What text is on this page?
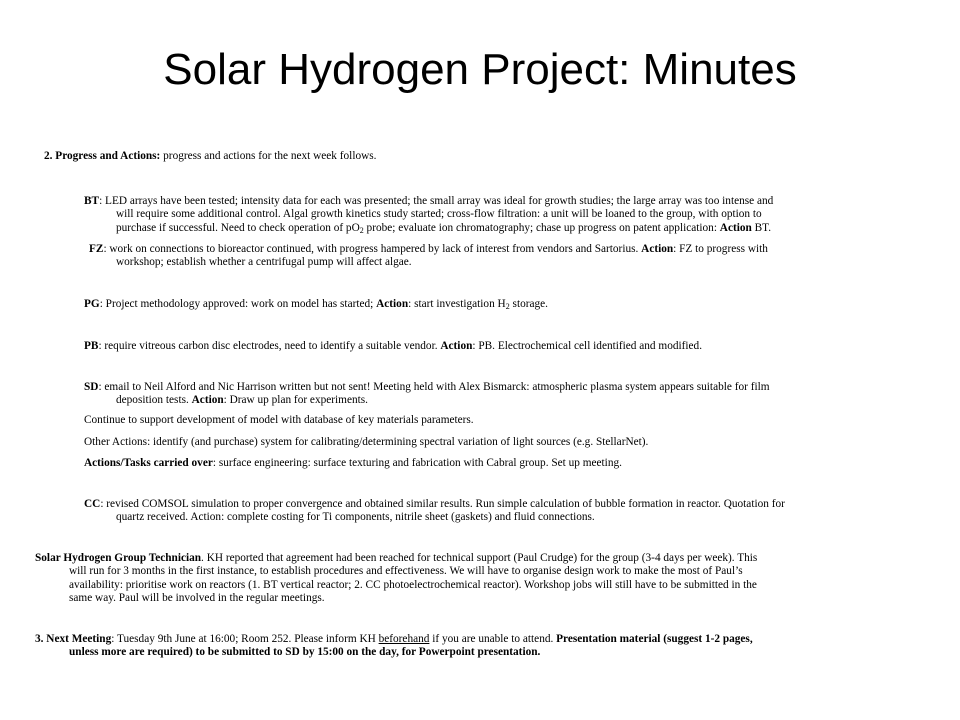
Solar Hydrogen Project: Minutes

2. Progress and Actions: progress and actions for the next week follows.

BT: LED arrays have been tested; intensity data for each was presented; the small array was ideal for growth studies; the large array was too intense and
will require some additional control. Algal growth kinetics study started; cross-flow filtration: a unit will be loaned to the group, with option to
purchase if successful. Need to check operation of $pO_2$ probe; evaluate ion chromatography; chase up progress on patent application: Action BT.
FZ: work on connections to bioreactor continued, with progress hampered by lack of interest from vendors and Sartorius. Action: FZ to progress with
workshop; establish whether a centrifugal pump will affect algae.

PG: Project methodology approved: work on model has started; Action: start investigation $H_2$ storage.

PB: require vitreous carbon disc electrodes, need to identify a suitable vendor. Action: PB. Electrochemical cell identified and modified.

SD: email to Neil Alford and Nic Harrison written but not sent! Meeting held with Alex Bismarck: atmospheric plasma system appears suitable for film
deposition tests. Action: Draw up plan for experiments.

Continue to support development of model with database of key materials parameters.

Other Actions: identify (and purchase) system for calibrating/determining spectral variation of light sources (e.g. StellarNet).

Actions/Tasks carried over: surface engineering: surface texturing and fabrication with Cabral group. Set up meeting.

CC: revised COMSOL simulation to proper convergence and obtained similar results. Run simple calculation of bubble formation in reactor. Quotation for
quartz received. Action: complete costing for Ti components, nitrile sheet (gaskets) and fluid connections.
Solar Hydrogen Group Technician. KH reported that agreement had been reached for technical support (Paul Crudge) for the group (3-4 days per week). This
will run for 3 months in the first instance, to establish procedures and effectiveness. We will have to organise design work to make the most of Paul’s
availability: prioritise work on reactors (1. BT vertical reactor; 2. CC photoelectrochemical reactor). Workshop jobs will still have to be submitted in the
same way. Paul will be involved in the regular meetings.
3. Next Meeting: Tuesday 9th June at 16:00; Room 252. Please inform KH beforehand if you are unable to attend. Presentation material (suggest 1-2 pages,
unless more are required) to be submitted to SD by 15:00 on the day, for Powerpoint presentation.
